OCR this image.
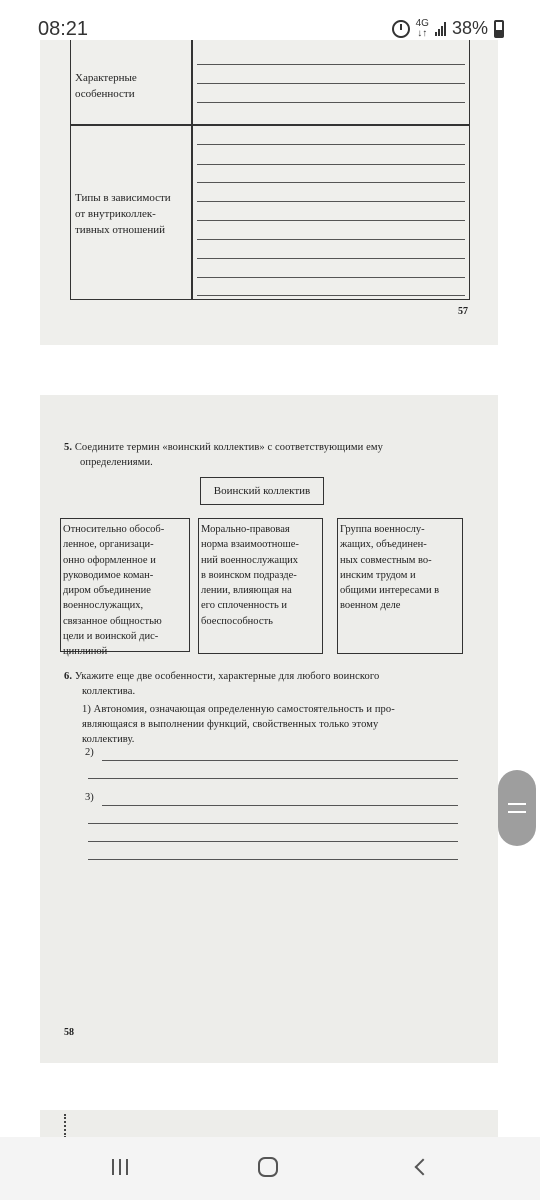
08:21	4G
↓↑ 38%
Характерные
особенности
Типы в зависимости
от внутриколлек-
тивных отношений
57
5. Соедините термин «воинский коллектив» с соответствующими ему
определениями.
Воинский коллектив
Относительно обособ-
ленное, организаци-
онно оформленное и
руководимое коман-
диром объединение
военнослужащих,
связанное общностью
цели и воинской дис-
циплиной
Морально-правовая
норма взаимоотноше-
ний военнослужащих
в воинском подразде-
лении, влияющая на
его сплоченность и
боеспособность
Группа военнослу-
жащих, объединен-
ных совместным во-
инским трудом и
общими интересами в
военном деле
6. Укажите еще две особенности, характерные для любого воинского
коллектива.
1) Автономия, означающая определенную самостоятельность и про-
являющаяся в выполнении функций, свойственных только этому
коллективу.
2)
3)
58
